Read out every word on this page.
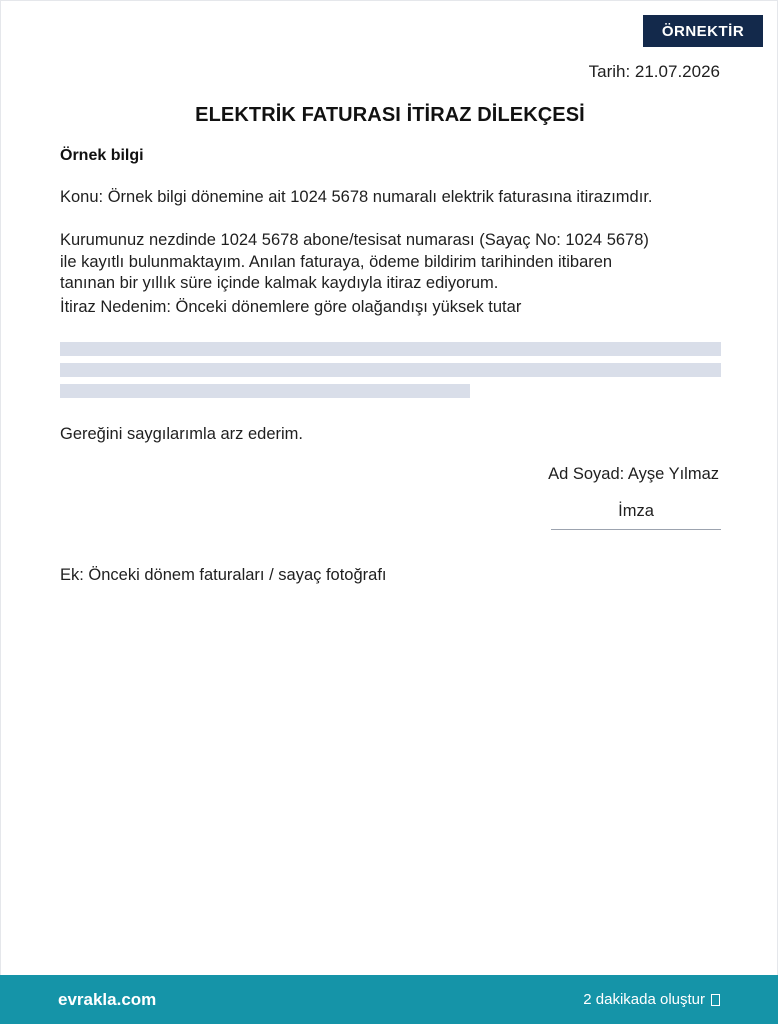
ÖRNEKTİR
Tarih: 21.07.2026
ELEKTRİK FATURASI İTİRAZ DİLEKÇESİ
Örnek bilgi
Konu: Örnek bilgi dönemine ait 1024 5678 numaralı elektrik faturasına itirazımdır.

Kurumunuz nezdinde 1024 5678 abone/tesisat numarası (Sayaç No: 1024 5678)

ile kayıtlı bulunmaktayım. Anılan faturaya, ödeme bildirim tarihinden itibaren

tanınan bir yıllık süre içinde kalmak kaydıyla itiraz ediyorum.

İtiraz Nedenim: Önceki dönemlere göre olağandışı yüksek tutar
Gereğini saygılarımla arz ederim.
Ad Soyad: Ayşe Yılmaz
İmza
Ek: Önceki dönem faturaları / sayaç fotoğrafı
evrakla.com	2 dakikada oluştur
